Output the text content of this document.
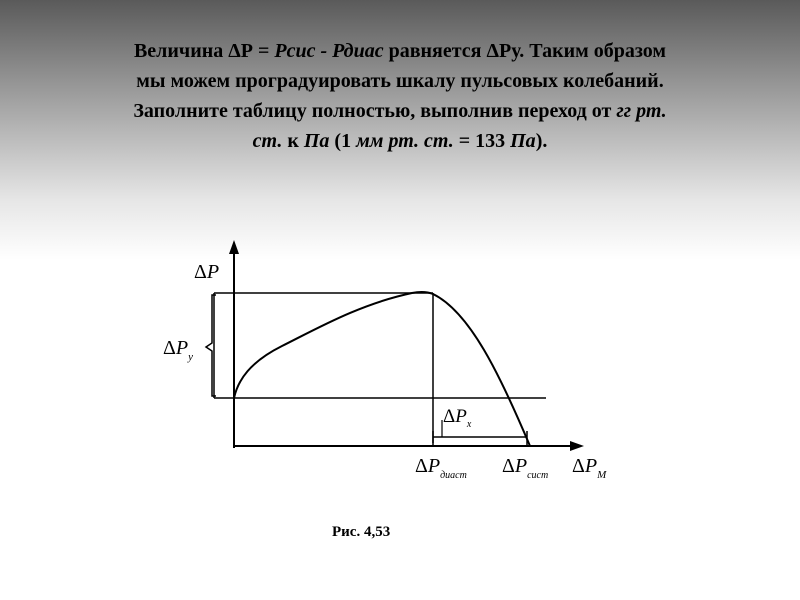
Величина ΔР = Рсис - Рдиас равняется ΔРу. Таким образом
мы можем проградуировать шкалу пульсовых колебаний.
Заполните таблицу полностью, выполнив переход от гг рт.
ст. к Па (1 мм рт. ст. = 133 Па).
ΔP
$\Delta P_у$
$\Delta P_х$
$\Delta P_{диаст}$ $\Delta P_{сист}$ $\Delta P_М$
Рис. 4,53
